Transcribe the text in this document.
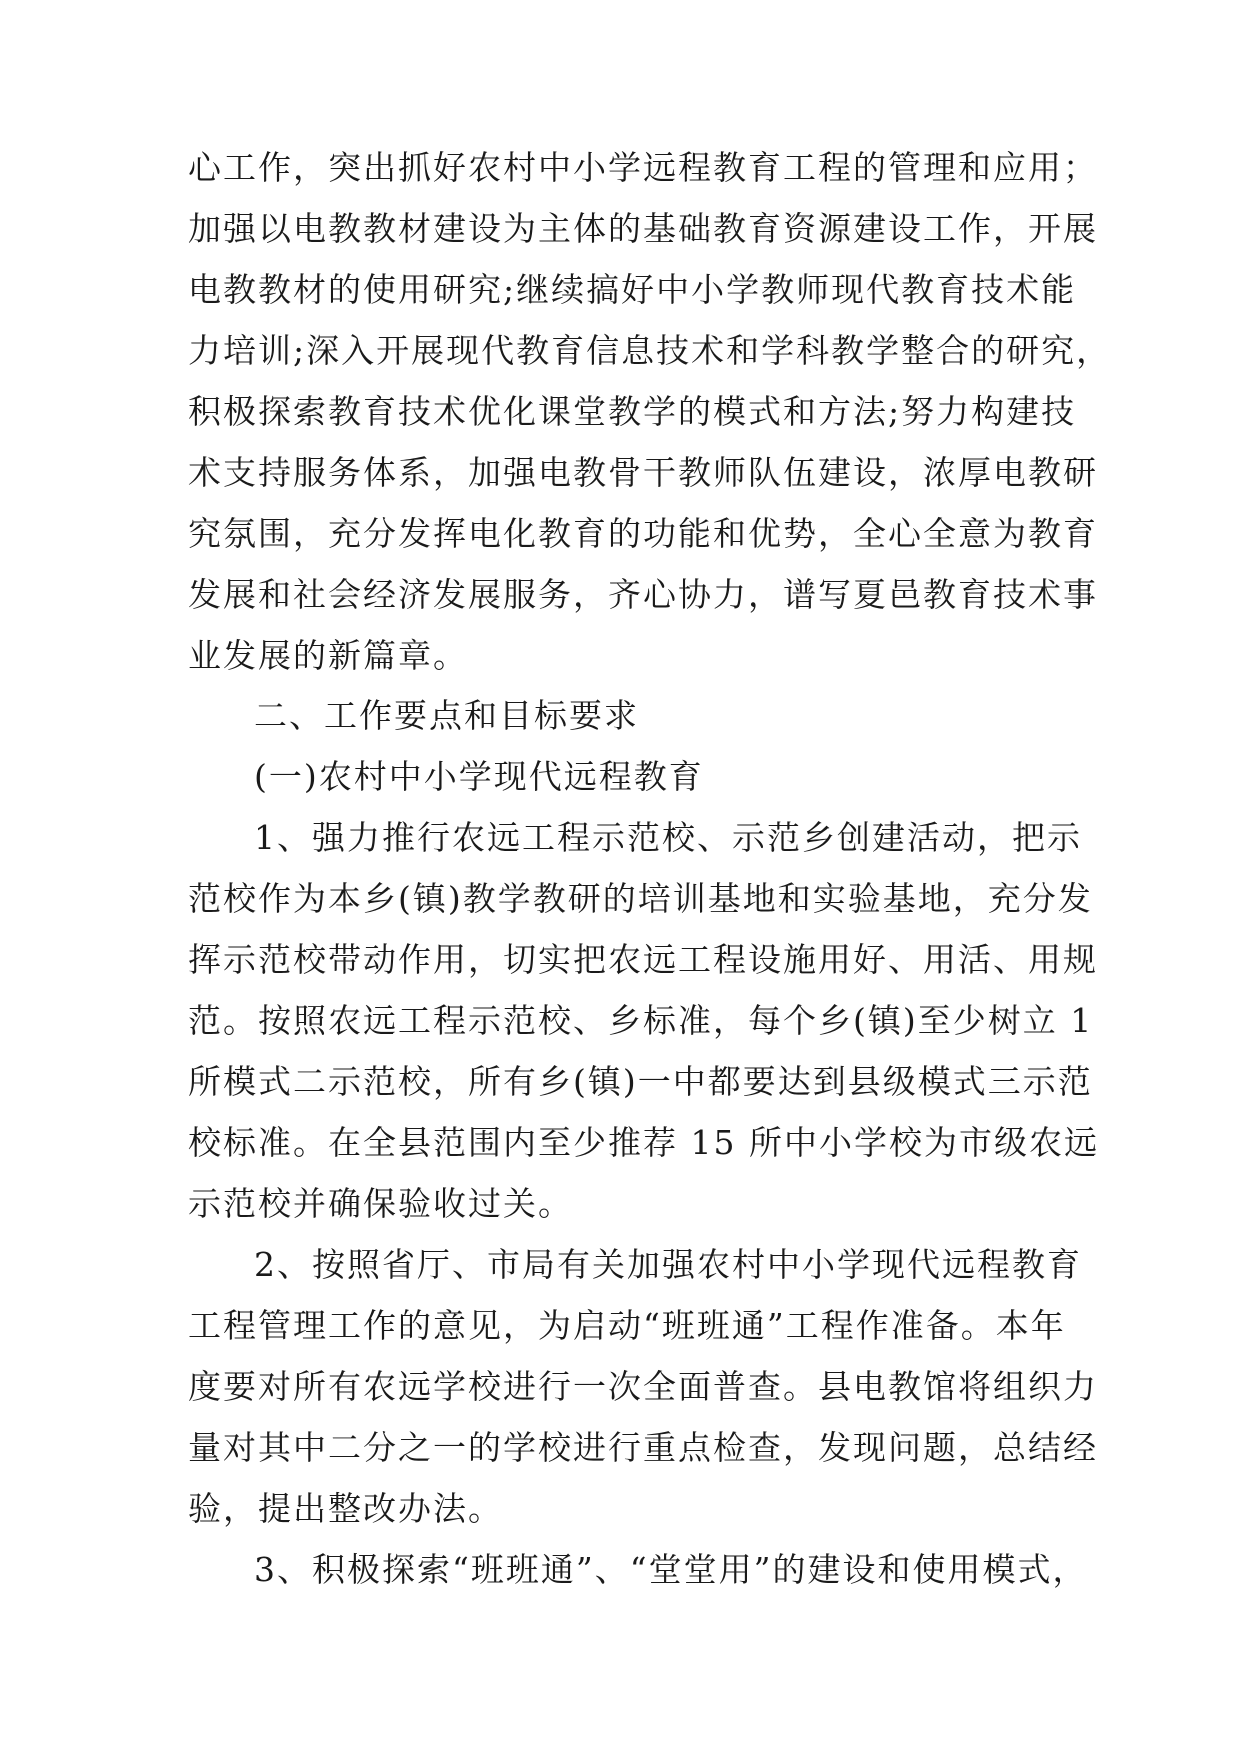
心工作，突出抓好农村中小学远程教育工程的管理和应用；
加强以电教教材建设为主体的基础教育资源建设工作，开展
电教教材的使用研究;继续搞好中小学教师现代教育技术能
力培训;深入开展现代教育信息技术和学科教学整合的研究，
积极探索教育技术优化课堂教学的模式和方法;努力构建技
术支持服务体系，加强电教骨干教师队伍建设，浓厚电教研
究氛围，充分发挥电化教育的功能和优势，全心全意为教育
发展和社会经济发展服务，齐心协力，谱写夏邑教育技术事
业发展的新篇章。
二、工作要点和目标要求
(一)农村中小学现代远程教育
1、强力推行农远工程示范校、示范乡创建活动，把示
范校作为本乡(镇)教学教研的培训基地和实验基地，充分发
挥示范校带动作用，切实把农远工程设施用好、用活、用规
范。按照农远工程示范校、乡标准，每个乡(镇)至少树立 1
所模式二示范校，所有乡(镇)一中都要达到县级模式三示范
校标准。在全县范围内至少推荐 15 所中小学校为市级农远
示范校并确保验收过关。
2、按照省厅、市局有关加强农村中小学现代远程教育
工程管理工作的意见，为启动“班班通”工程作准备。本年
度要对所有农远学校进行一次全面普查。县电教馆将组织力
量对其中二分之一的学校进行重点检查，发现问题，总结经
验，提出整改办法。
3、积极探索“班班通”、“堂堂用”的建设和使用模式，
